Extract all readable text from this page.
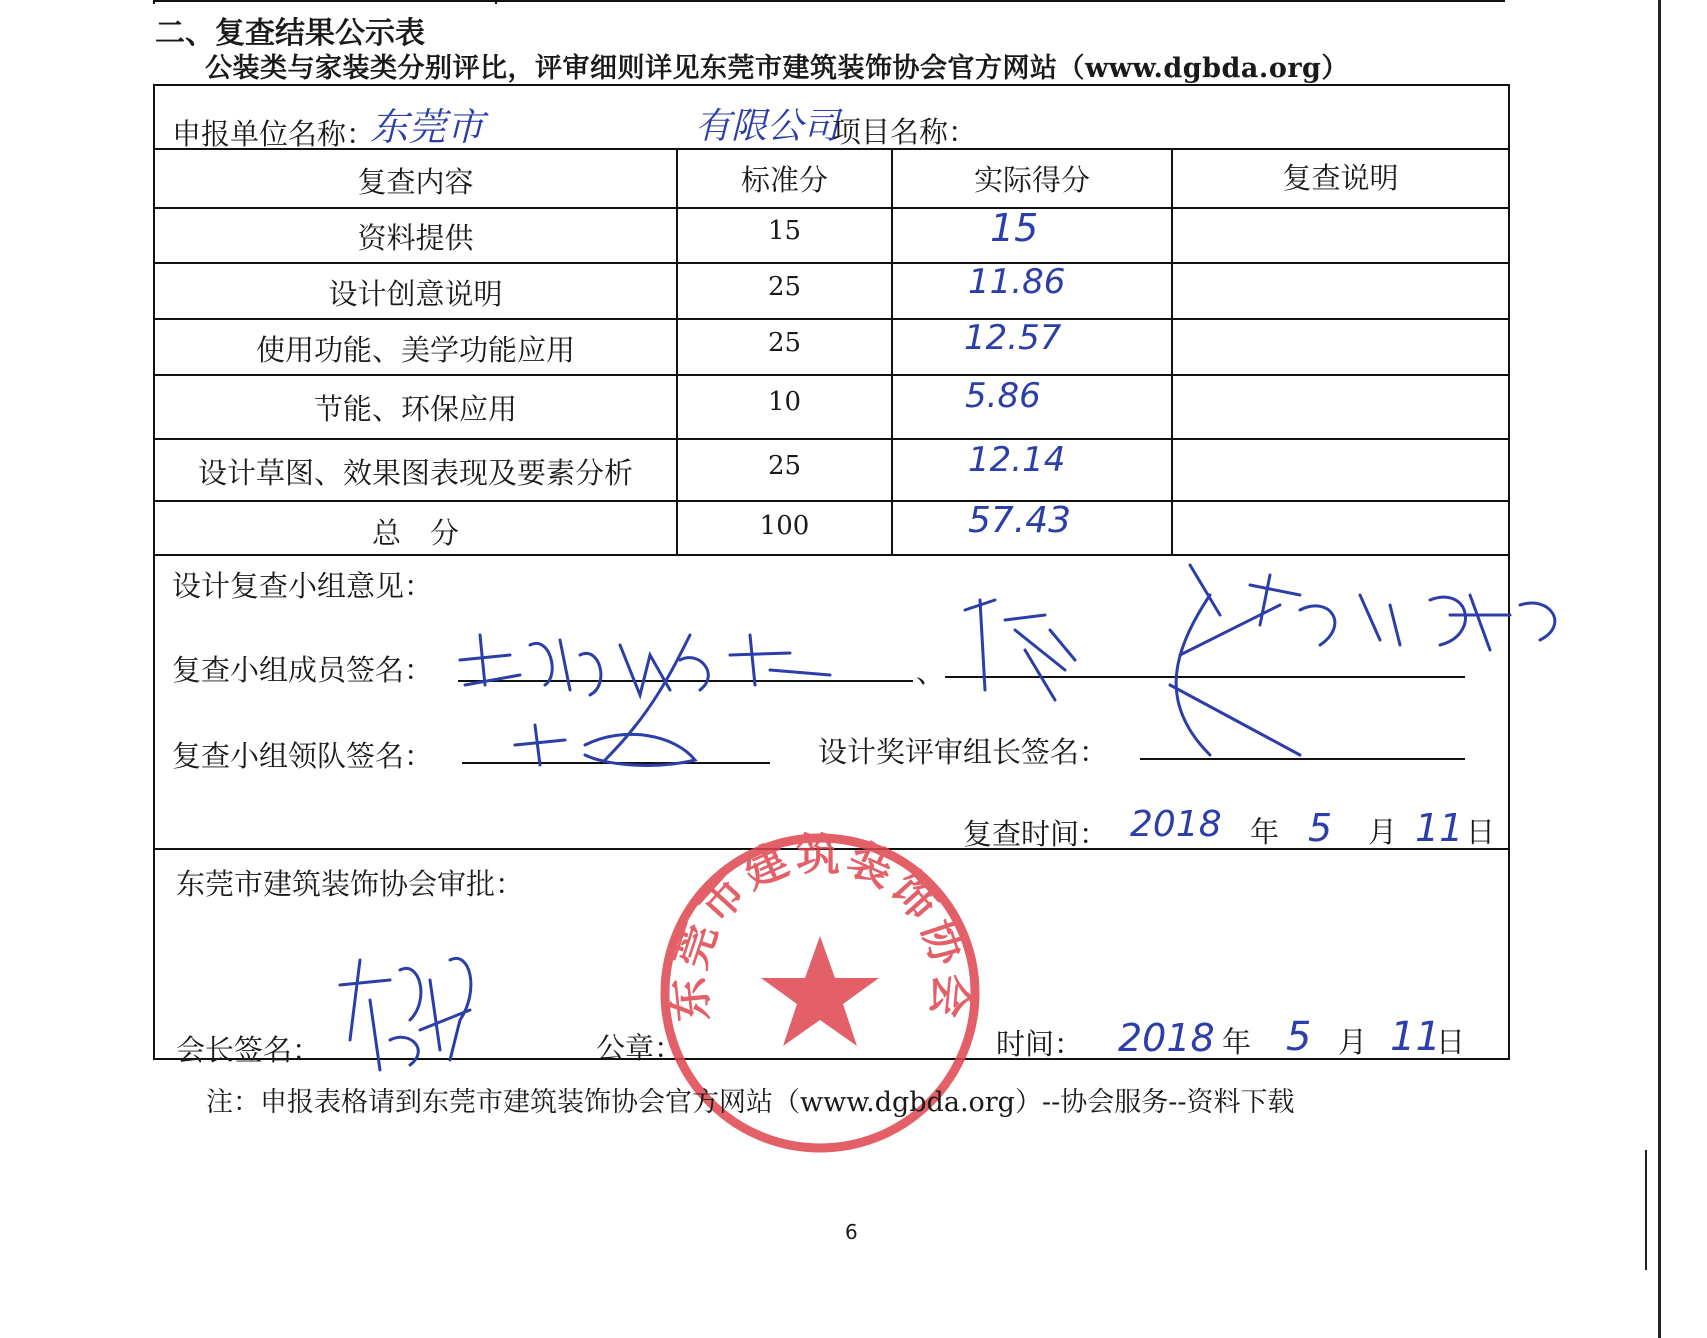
二、复查结果公示表
公装类与家装类分别评比，评审细则详见东莞市建筑装饰协会官方网站（www.dgbda.org）
申报单位名称：
东莞市	有限公司
项目名称：
复查内容	标准分	实际得分	复查说明
资料提供	15	15
设计创意说明	25	11.86
使用功能、美学功能应用	25	12.57
节能、环保应用	10	5.86
设计草图、效果图表现及要素分析	25	12.14
总　分	100	57.43
设计复查小组意见：
复查小组成员签名：	、
复查小组领队签名：	设计奖评审组长签名：
复查时间： 2018 年 5 月 11 日
东莞市建筑装饰协会审批：
会长签名：	公章：	时间： 2018 年 5 月 11
日
东莞市建筑装饰协会
注：申报表格请到东莞市建筑装饰协会官方网站（www.dgbda.org）--协会服务--资料下载
6
